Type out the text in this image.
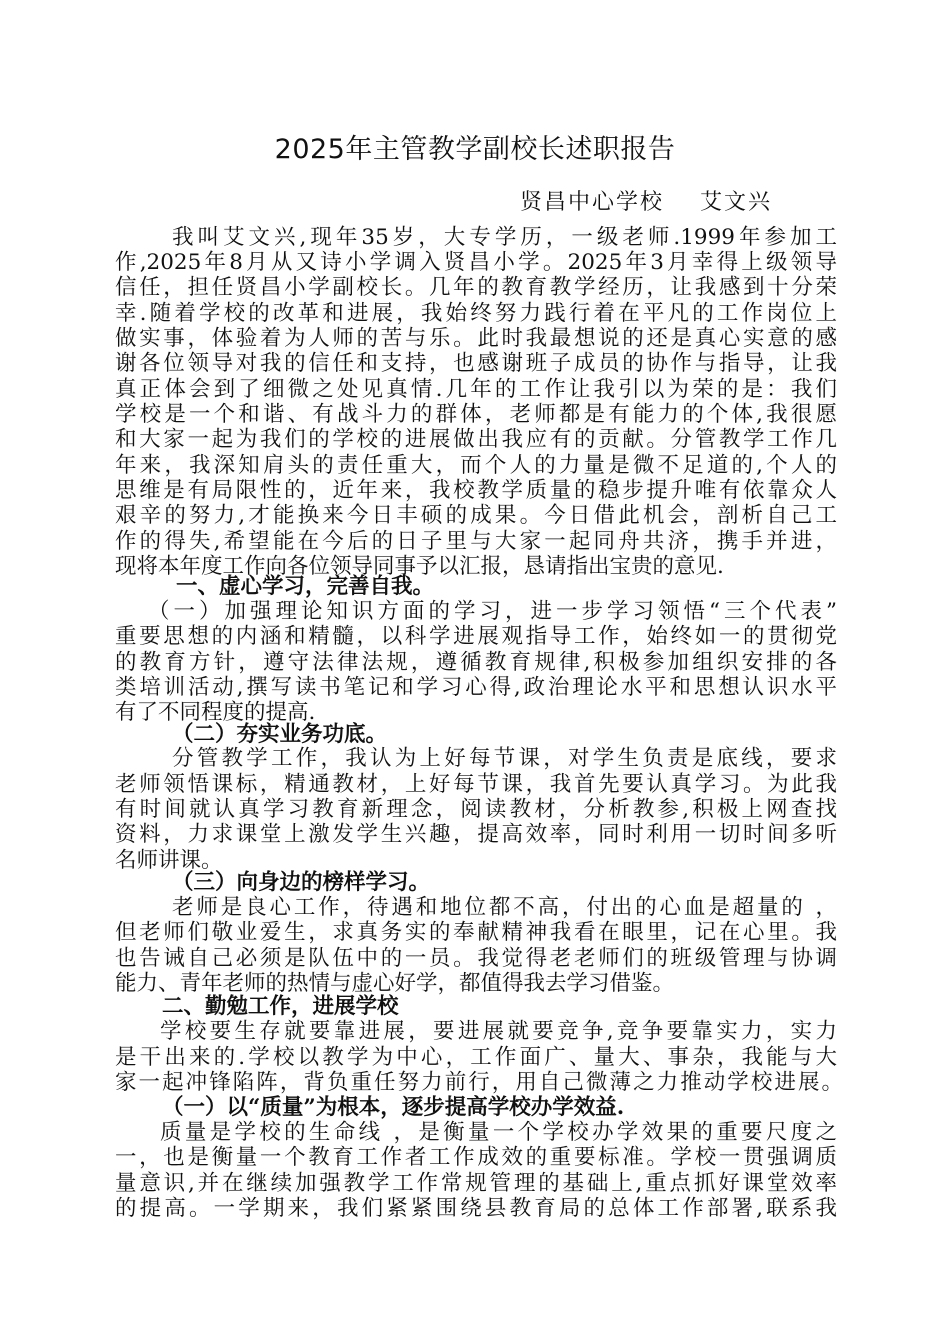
2025年主管教学副校长述职报告
贤昌中心学校    艾文兴
我叫艾文兴,现年35岁，大专学历，一级老师.1999年参加工
作,2025年8月从又诗小学调入贤昌小学。2025年3月幸得上级领导
信任，担任贤昌小学副校长。几年的教育教学经历，让我感到十分荣
幸.随着学校的改革和进展，我始终努力践行着在平凡的工作岗位上
做实事，体验着为人师的苦与乐。此时我最想说的还是真心实意的感
谢各位领导对我的信任和支持，也感谢班子成员的协作与指导，让我
真正体会到了细微之处见真情.几年的工作让我引以为荣的是：我们
学校是一个和谐、有战斗力的群体，老师都是有能力的个体,我很愿
和大家一起为我们的学校的进展做出我应有的贡献。分管教学工作几
年来，我深知肩头的责任重大，而个人的力量是微不足道的,个人的
思维是有局限性的，近年来，我校教学质量的稳步提升唯有依靠众人
艰辛的努力,才能换来今日丰硕的成果。今日借此机会，剖析自己工
作的得失,希望能在今后的日子里与大家一起同舟共济，携手并进，
现将本年度工作向各位领导同事予以汇报，恳请指出宝贵的意见.
一、虚心学习，完善自我。
（一）加强理论知识方面的学习，进一步学习领悟“三个代表”
重要思想的内涵和精髓，以科学进展观指导工作，始终如一的贯彻党
的教育方针，遵守法律法规，遵循教育规律,积极参加组织安排的各
类培训活动,撰写读书笔记和学习心得,政治理论水平和思想认识水平
有了不同程度的提高.
（二）夯实业务功底。
分管教学工作，我认为上好每节课，对学生负责是底线，要求
老师领悟课标，精通教材，上好每节课，我首先要认真学习。为此我
有时间就认真学习教育新理念，阅读教材，分析教参,积极上网查找
资料，力求课堂上激发学生兴趣，提高效率，同时利用一切时间多听
名师讲课。
（三）向身边的榜样学习。
老师是良心工作，待遇和地位都不高，付出的心血是超量的 ，
但老师们敬业爱生，求真务实的奉献精神我看在眼里，记在心里。我
也告诫自己必须是队伍中的一员。我觉得老老师们的班级管理与协调
能力、青年老师的热情与虚心好学，都值得我去学习借鉴。
二、勤勉工作，进展学校
学校要生存就要靠进展，要进展就要竞争,竞争要靠实力，实力
是干出来的.学校以教学为中心，工作面广、量大、事杂，我能与大
家一起冲锋陷阵，背负重任努力前行，用自己微薄之力推动学校进展。
（一）以“质量”为根本，逐步提高学校办学效益.
质量是学校的生命线 ，是衡量一个学校办学效果的重要尺度之
一，也是衡量一个教育工作者工作成效的重要标准。学校一贯强调质
量意识,并在继续加强教学工作常规管理的基础上,重点抓好课堂效率
的提高。一学期来，我们紧紧围绕县教育局的总体工作部署,联系我
